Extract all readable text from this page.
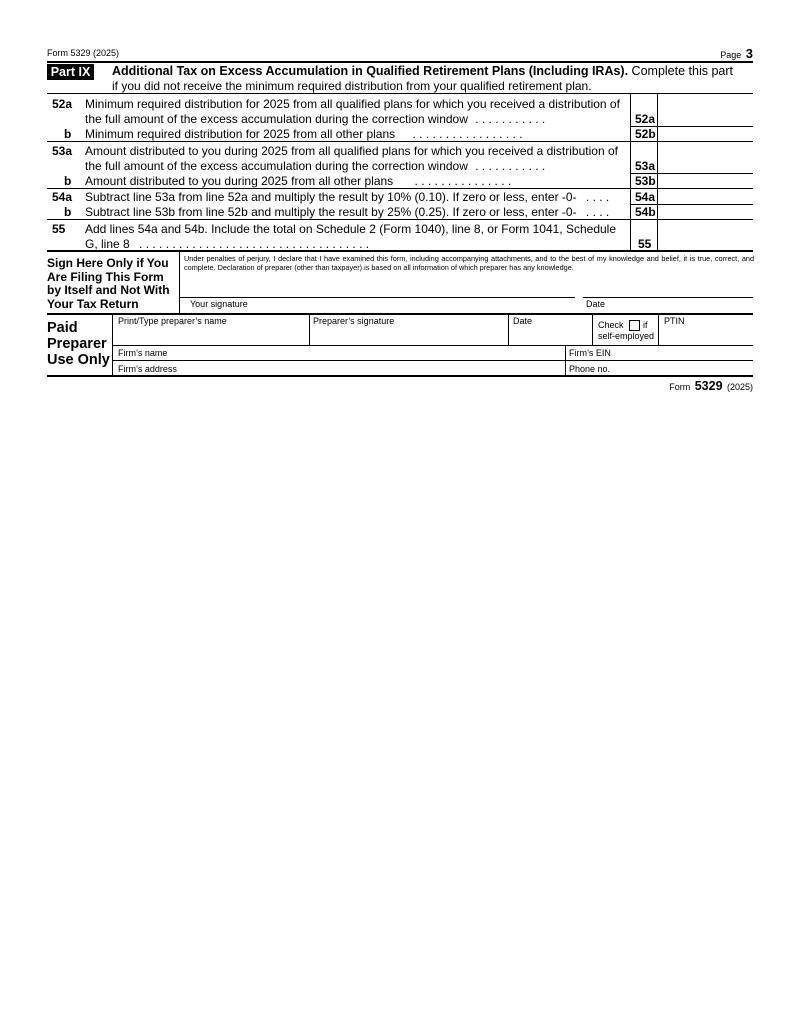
Form 5329 (2025)	Page 3
Part IX Additional Tax on Excess Accumulation in Qualified Retirement Plans (Including IRAs). Complete this part
if you did not receive the minimum required distribution from your qualified retirement plan.
52a Minimum required distribution for 2025 from all qualified plans for which you received a distribution of
the full amount of the excess accumulation during the correction window . . . . . . . . . . .	52a
b Minimum required distribution for 2025 from all other plans . . . . . . . . . . . . . . . . .	52b
53a Amount distributed to you during 2025 from all qualified plans for which you received a distribution of
the full amount of the excess accumulation during the correction window . . . . . . . . . . .	53a
b Amount distributed to you during 2025 from all other plans . . . . . . . . . . . . . . .	53b
54a Subtract line 53a from line 52a and multiply the result by 10% (0.10). If zero or less, enter -0- . . . . 54a
b Subtract line 53b from line 52b and multiply the result by 25% (0.25). If zero or less, enter -0- . . . . 54b
55 Add lines 54a and 54b. Include the total on Schedule 2 (Form 1040), line 8, or Form 1041, Schedule
G, line 8 . . . . . . . . . . . . . . . . . . . . . . . . . . . . . . . . . . .	55
Sign Here Only if You
Are Filing This Form
by Itself and Not With
Your Tax Return
Under penalties of perjury, I declare that I have examined this form, including accompanying attachments, and to the best of my knowledge and belief, it is true, correct, and complete. Declaration of preparer (other than taxpayer) is based on all information of which preparer has any knowledge.
Your signature	Date
Paid
Preparer
Use Only
Print/Type preparer’s name	Preparer’s signature	Date	Check if
self-employed
PTIN
Firm’s name	Firm’s EIN
Firm’s address	Phone no.
Form 5329 (2025)
